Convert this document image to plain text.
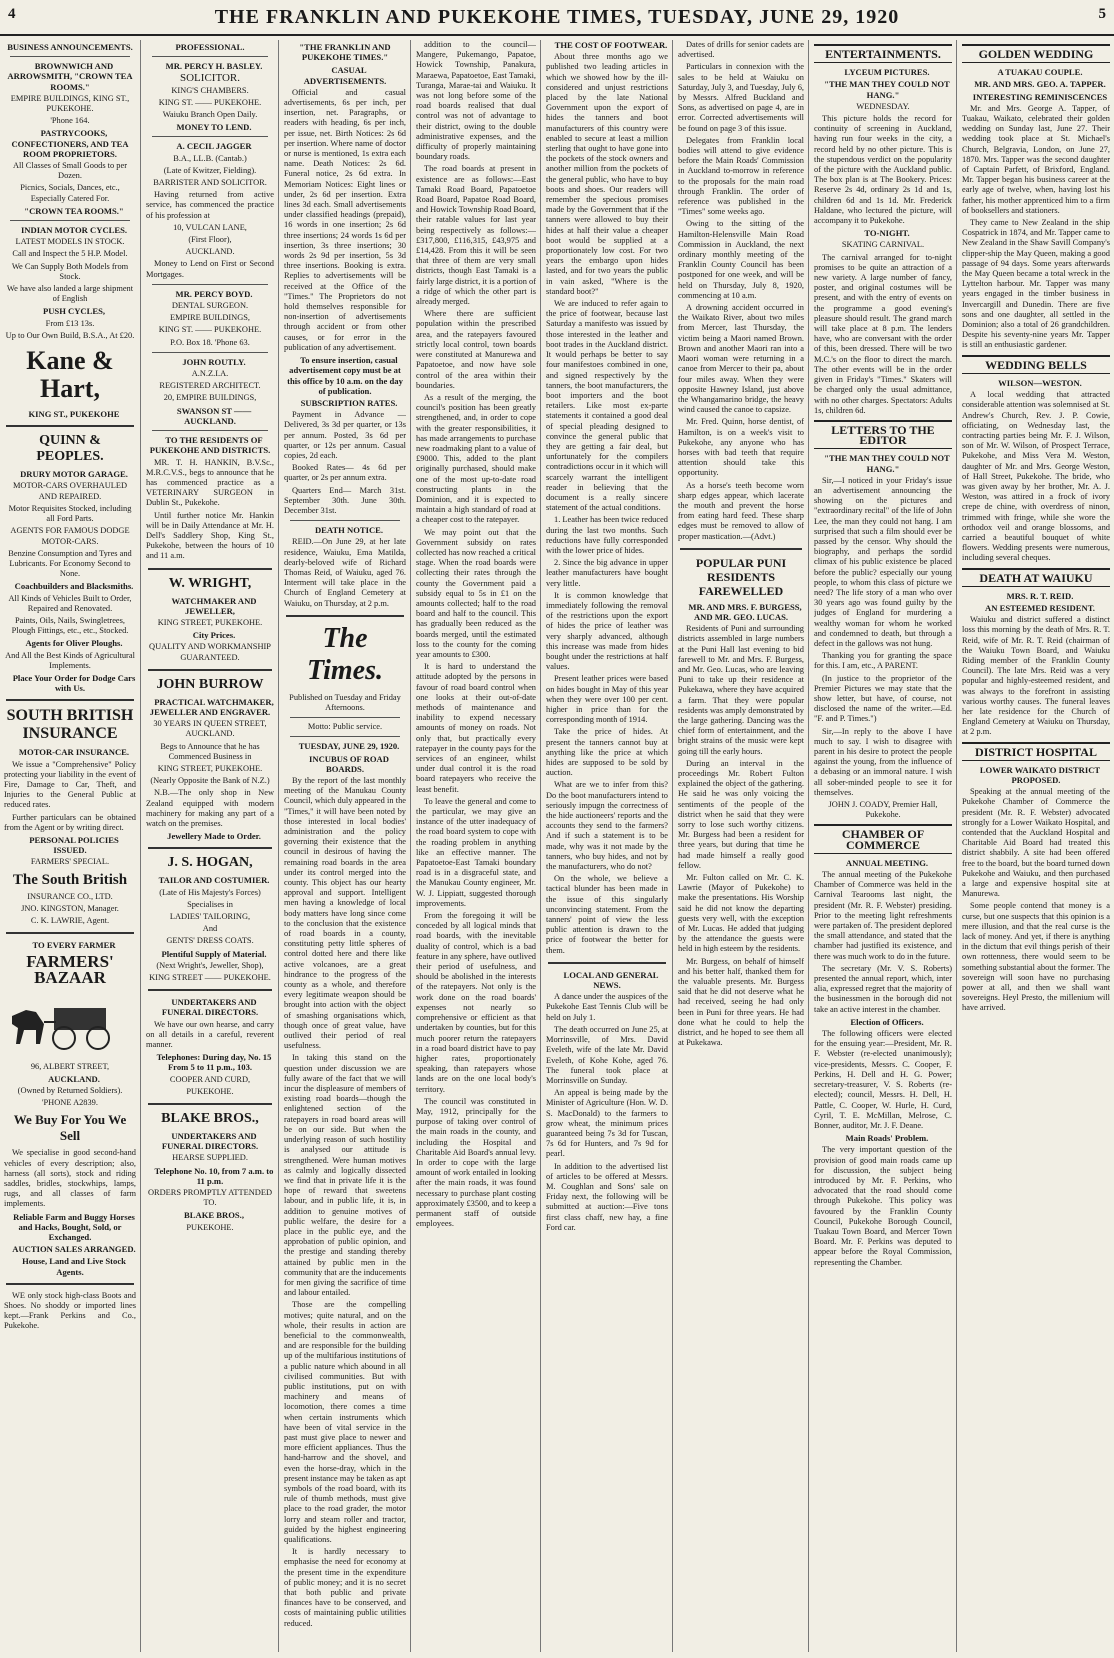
4	THE FRANKLIN AND PUKEKOHE TIMES, TUESDAY, JUNE 29, 1920	5
BUSINESS ANNOUNCEMENTS.

BROWNWICH AND ARROWSMITH, "CROWN TEA ROOMS."

EMPIRE BUILDINGS, KING ST., PUKEKOHE.

'Phone 164.

PASTRYCOOKS, CONFECTIONERS, AND TEA ROOM PROPRIETORS.

All Classes of Small Goods to per Dozen.

Picnics, Socials, Dances, etc., Especially Catered For.

"CROWN TEA ROOMS."

INDIAN MOTOR CYCLES.

LATEST MODELS IN STOCK.

Call and Inspect the 5 H.P. Model.

We Can Supply Both Models from Stock.

We have also landed a large shipment of English

PUSH CYCLES,

From £13 13s.

Up to Our Own Build, B.S.A., At £20.

Kane & Hart,

KING ST., PUKEKOHE

QUINN & PEOPLES.

DRURY MOTOR GARAGE.

MOTOR-CARS OVERHAULED AND REPAIRED.

Motor Requisites Stocked, including all Ford Parts.

AGENTS FOR FAMOUS DODGE MOTOR-CARS.

Benzine Consumption and Tyres and Lubricants. For Economy Second to None.

Coachbuilders and Blacksmiths.

All Kinds of Vehicles Built to Order, Repaired and Renovated.

Paints, Oils, Nails, Swingletrees, Plough Fittings, etc., etc., Stocked.

Agents for Oliver Ploughs.

And All the Best Kinds of Agricultural Implements.

Place Your Order for Dodge Cars with Us.

SOUTH BRITISH INSURANCE

MOTOR-CAR INSURANCE.

We issue a "Comprehensive" Policy protecting your liability in the event of Fire, Damage to Car, Theft, and Injuries to the General Public at reduced rates.

Further particulars can be obtained from the Agent or by writing direct.

PERSONAL POLICIES ISSUED.

FARMERS' SPECIAL.

The South British

INSURANCE CO., LTD.

JNO. KINGSTON, Manager.

C. K. LAWRIE, Agent.

TO EVERY FARMER

FARMERS' BAZAAR

96, ALBERT STREET,

AUCKLAND.

(Owned by Returned Soldiers).

'PHONE A2839.

We Buy For You We Sell

We specialise in good second-hand vehicles of every description; also, harness (all sorts), stock and riding saddles, bridles, stockwhips, lamps, rugs, and all classes of farm implements.

Reliable Farm and Buggy Horses and Hacks, Bought, Sold, or Exchanged.

AUCTION SALES ARRANGED.

House, Land and Live Stock Agents.

WE only stock high-class Boots and Shoes. No shoddy or imported lines kept.—Frank Perkins and Co., Pukekohe.

PROFESSIONAL.

MR. PERCY H. BASLEY.

SOLICITOR.

KING'S CHAMBERS.

KING ST. —— PUKEKOHE.

Waiuku Branch Open Daily.

MONEY TO LEND.

A. CECIL JAGGER

B.A., LL.B. (Cantab.)

(Late of Kwitzer, Fielding).

BARRISTER AND SOLICITOR.

Having returned from active service, has commenced the practice of his profession at

10, VULCAN LANE,

(First Floor),

AUCKLAND.

Money to Lend on First or Second Mortgages.

MR. PERCY BOYD.

DENTAL SURGEON.

EMPIRE BUILDINGS,

KING ST. —— PUKEKOHE.

P.O. Box 18. 'Phone 63.

JOHN ROUTLY.

A.N.Z.I.A.

REGISTERED ARCHITECT.

20, EMPIRE BUILDINGS,

SWANSON ST —— AUCKLAND.

TO THE RESIDENTS OF PUKEKOHE AND DISTRICTS.

MR. T. H. HANKIN, B.V.Sc., M.R.C.V.S., begs to announce that he has commenced practice as a VETERINARY SURGEON in Dublin St., Pukekohe.

Until further notice Mr. Hankin will be in Daily Attendance at Mr. H. Dell's Saddlery Shop, King St., Pukekohe, between the hours of 10 and 11 a.m.

W. WRIGHT,

WATCHMAKER AND JEWELLER,

KING STREET, PUKEKOHE.

City Prices.

QUALITY AND WORKMANSHIP GUARANTEED.

JOHN BURROW

PRACTICAL WATCHMAKER, JEWELLER AND ENGRAVER.

30 YEARS IN QUEEN STREET, AUCKLAND.

Begs to Announce that he has Commenced Business in

KING STREET, PUKEKOHE.

(Nearly Opposite the Bank of N.Z.)

N.B.—The only shop in New Zealand equipped with modern machinery for making any part of a watch on the premises.

Jewellery Made to Order.

J. S. HOGAN,

TAILOR AND COSTUMIER.

(Late of His Majesty's Forces)

Specialises in

LADIES' TAILORING,

And

GENTS' DRESS COATS.

Plentiful Supply of Material.

(Next Wright's, Jeweller, Shop),

KING STREET —— PUKEKOHE.

UNDERTAKERS AND FUNERAL DIRECTORS.

We have our own hearse, and carry on all details in a careful, reverent manner.

Telephones: During day, No. 15 From 5 to 11 p.m., 103.

COOPER AND CURD,

PUKEKOHE.

BLAKE BROS.,

UNDERTAKERS AND FUNERAL DIRECTORS.

HEARSE SUPPLIED.

Telephone No. 10, from 7 a.m. to 11 p.m.

ORDERS PROMPTLY ATTENDED TO.

BLAKE BROS.,

PUKEKOHE.

"THE FRANKLIN AND PUKEKOHE TIMES."

CASUAL ADVERTISEMENTS.

Official and casual advertisements, 6s per inch, per insertion, net. Paragraphs, or readers with heading, 6s per inch, per issue, net. Birth Notices: 2s 6d per insertion. Where name of doctor or nurse is mentioned, 1s extra each name. Death Notices: 2s 6d. Funeral notice, 2s 6d extra. In Memoriam Notices: Eight lines or under, 2s 6d per insertion. Extra lines 3d each. Small advertisements under classified headings (prepaid), 16 words in one insertion; 2s 6d three insertions; 24 words 1s 6d per insertion, 3s three insertions; 30 words 2s 9d per insertion, 5s 3d three insertions. Booking is extra. Replies to advertisements will be received at the Office of the "Times." The Proprietors do not hold themselves responsible for non-insertion of advertisements through accident or from other causes, or for error in the publication of any advertisement.

To ensure insertion, casual advertisement copy must be at this office by 10 a.m. on the day of publication.

SUBSCRIPTION RATES.

Payment in Advance — Delivered, 3s 3d per quarter, or 13s per annum. Posted, 3s 6d per quarter, or 12s per annum. Casual copies, 2d each.

Booked Rates— 4s 6d per quarter, or 2s per annum extra.

Quarters End— March 31st. September 30th. June 30th. December 31st.

DEATH NOTICE.

REID.—On June 29, at her late residence, Waiuku, Ema Matilda, dearly-beloved wife of Richard Thomas Reid, of Waiuku, aged 76. Interment will take place in the Church of England Cemetery at Waiuku, on Thursday, at 2 p.m.

The Times.

Published on Tuesday and Friday Afternoons.

Motto: Public service.

TUESDAY, JUNE 29, 1920.

INCUBUS OF ROAD BOARDS.

By the report of the last monthly meeting of the Manukau County Council, which duly appeared in the "Times," it will have been noted by those interested in local bodies' administration and the policy governing their existence that the council in desirous of having the remaining road boards in the area under its control merged into the county. This object has our hearty approval and support. Intelligent men having a knowledge of local body matters have long since come to the conclusion that the existence of road boards in a county, constituting petty little spheres of control dotted here and there like active volcanoes, are a great hindrance to the progress of the county as a whole, and therefore every legitimate weapon should be brought into action with the object of smashing organisations which, though once of great value, have outlived their period of real usefulness.

In taking this stand on the question under discussion we are fully aware of the fact that we will incur the displeasure of members of existing road boards—though the enlightened section of the ratepayers in road board areas will be on our side. But when the underlying reason of such hostility is analysed our attitude is strengthened. Were human motives as calmly and logically dissected we find that in private life it is the hope of reward that sweetens labour, and in public life, it is, in addition to genuine motives of public welfare, the desire for a place in the public eye, and the approbation of public opinion, and the prestige and standing thereby attained by public men in the community that are the inducements for men giving the sacrifice of time and labour entailed.

Those are the compelling motives; quite natural, and on the whole, their results in action are beneficial to the commonwealth, and are responsible for the building up of the multifarious institutions of a public nature which abound in all civilised communities. But with public institutions, put on with machinery and means of locomotion, there comes a time when certain instruments which have been of vital service in the past must give place to newer and more efficient appliances. Thus the hand-harrow and the shovel, and even the horse-dray, which in the present instance may be taken as apt symbols of the road board, with its rule of thumb methods, must give place to the road grader, the motor lorry and steam roller and tractor, guided by the highest engineering qualifications.

It is hardly necessary to emphasise the need for economy at the present time in the expenditure of public money; and it is no secret that both public and private finances have to be conserved, and costs of maintaining public utilities reduced.

addition to the council—Mangere, Pukemango, Papatoe, Howick Township, Panakura, Maraewa, Papatoetoe, East Tamaki, Turanga, Marae-tai and Waiuku. It was not long before some of the road boards realised that dual control was not of advantage to their district, owing to the double administrative expenses, and the difficulty of properly maintaining boundary roads.

The road boards at present in existence are as follows:—East Tamaki Road Board, Papatoetoe Road Board, Papatoe Road Board, and Howick Township Road Board, their ratable values for last year being respectively as follows:—£317,800, £116,315, £43,975 and £14,428. From this it will be seen that three of them are very small districts, though East Tamaki is a fairly large district, it is a portion of a ridge of which the other part is already merged.

Where there are sufficient population within the prescribed area, and the ratepayers favoured strictly local control, town boards were constituted at Manurewa and Papatoetoe, and now have sole control of the area within their boundaries.

As a result of the merging, the council's position has been greatly strengthened, and, in order to cope with the greater responsibilities, it has made arrangements to purchase new roadmaking plant to a value of £9000. This, added to the plant originally purchased, should make one of the most up-to-date road constructing plants in the Dominion, and it is expected to maintain a high standard of road at a cheaper cost to the ratepayer.

We may point out that the Government subsidy on rates collected has now reached a critical stage. When the road boards were collecting their rates through the county the Government paid a subsidy equal to 5s in £1 on the amounts collected; half to the road board and half to the council. This has gradually been reduced as the boards merged, until the estimated loss to the county for the coming year amounts to £300.

It is hard to understand the attitude adopted by the persons in favour of road board control when one looks at their out-of-date methods of maintenance and inability to expend necessary amounts of money on roads. Not only that, but practically every ratepayer in the county pays for the services of an engineer, whilst under dual control it is the road board ratepayers who receive the least benefit.

To leave the general and come to the particular, we may give an instance of the utter inadequacy of the road board system to cope with the roading problem in anything like an effective manner. The Papatoetoe-East Tamaki boundary road is in a disgraceful state, and the Manukau County engineer, Mr. W. J. Lippiatt, suggested thorough improvements.

From the foregoing it will be conceded by all logical minds that road boards, with the inevitable duality of control, which is a bad feature in any sphere, have outlived their period of usefulness, and should be abolished in the interests of the ratepayers. Not only is the work done on the road boards' expenses not nearly so comprehensive or efficient as that undertaken by counties, but for this much poorer return the ratepayers in a road board district have to pay higher rates, proportionately speaking, than ratepayers whose lands are on the one local body's territory.

The council was constituted in May, 1912, principally for the purpose of taking over control of the main roads in the county, and including the Hospital and Charitable Aid Board's annual levy. In order to cope with the large amount of work entailed in looking after the main roads, it was found necessary to purchase plant costing approximately £3500, and to keep a permanent staff of outside employees.

THE COST OF FOOTWEAR.

About three months ago we published two leading articles in which we showed how by the ill-considered and unjust restrictions placed by the late National Government upon the export of hides the tanners and boot manufacturers of this country were enabled to secure at least a million sterling that ought to have gone into the pockets of the stock owners and another million from the pockets of the general public, who have to buy boots and shoes. Our readers will remember the specious promises made by the Government that if the tanners were allowed to buy their hides at half their value a cheaper boot would be supplied at a proportionately low cost. For two years the embargo upon hides lasted, and for two years the public in vain asked, "Where is the standard boot?"

We are induced to refer again to the price of footwear, because last Saturday a manifesto was issued by those interested in the leather and boot trades in the Auckland district. It would perhaps be better to say four manifestoes combined in one, and signed respectively by the tanners, the boot manufacturers, the boot importers and the boot retailers. Like most ex-parte statements it contained a good deal of special pleading designed to convince the general public that they are getting a fair deal, but unfortunately for the compilers contradictions occur in it which will scarcely warrant the intelligent reader in believing that the document is a really sincere statement of the actual conditions.

1. Leather has been twice reduced during the last two months. Such reductions have fully corresponded with the lower price of hides.

2. Since the big advance in upper leather manufacturers have bought very little.

It is common knowledge that immediately following the removal of the restrictions upon the export of hides the price of leather was very sharply advanced, although this increase was made from hides bought under the restrictions at half values.

Present leather prices were based on hides bought in May of this year when they were over 100 per cent. higher in price than for the corresponding month of 1914.

Take the price of hides. At present the tanners cannot buy at anything like the price at which hides are supposed to be sold by auction.

What are we to infer from this? Do the boot manufacturers intend to seriously impugn the correctness of the hide auctioneers' reports and the accounts they send to the farmers? And if such a statement is to be made, why was it not made by the tanners, who buy hides, and not by the manufacturers, who do not?

On the whole, we believe a tactical blunder has been made in the issue of this singularly unconvincing statement. From the tanners' point of view the less public attention is drawn to the price of footwear the better for them.

LOCAL AND GENERAL NEWS.

A dance under the auspices of the Pukekohe East Tennis Club will be held on July 1.

The death occurred on June 25, at Morrinsville, of Mrs. David Eveleth, wife of the late Mr. David Eveleth, of Kohe Kohe, aged 76. The funeral took place at Morrinsville on Sunday.

An appeal is being made by the Minister of Agriculture (Hon. W. D. S. MacDonald) to the farmers to grow wheat, the minimum prices guaranteed being 7s 3d for Tuscan, 7s 6d for Hunters, and 7s 9d for pearl.

In addition to the advertised list of articles to be offered at Messrs. M. Coughlan and Sons' sale on Friday next, the following will be submitted at auction:—Five tons first class chaff, new hay, a fine Ford car.

Dates of drills for senior cadets are advertised.

Particulars in connexion with the sales to be held at Waiuku on Saturday, July 3, and Tuesday, July 6, by Messrs. Alfred Buckland and Sons, as advertised on page 4, are in error. Corrected advertisements will be found on page 3 of this issue.

Delegates from Franklin local bodies will attend to give evidence before the Main Roads' Commission in Auckland to-morrow in reference to the proposals for the main road through Franklin. The order of reference was published in the "Times" some weeks ago.

Owing to the sitting of the Hamilton-Helensville Main Road Commission in Auckland, the next ordinary monthly meeting of the Franklin County Council has been postponed for one week, and will be held on Thursday, July 8, 1920, commencing at 10 a.m.

A drowning accident occurred in the Waikato River, about two miles from Mercer, last Thursday, the victim being a Maori named Brown. Brown and another Maori ran into a Maori woman were returning in a canoe from Mercer to their pa, about four miles away. When they were opposite Hawney Island, just above the Whangamarino bridge, the heavy wind caused the canoe to capsize.

Mr. Fred. Quinn, horse dentist, of Hamilton, is on a week's visit to Pukekohe, any anyone who has horses with bad teeth that require attention should take this opportunity.

As a horse's teeth become worn sharp edges appear, which lacerate the mouth and prevent the horse from eating hard feed. These sharp edges must be removed to allow of proper mastication.—(Advt.)

POPULAR PUNI RESIDENTS FAREWELLED

MR. AND MRS. F. BURGESS, AND MR. GEO. LUCAS.

Residents of Puni and surrounding districts assembled in large numbers at the Puni Hall last evening to bid farewell to Mr. and Mrs. F. Burgess, and Mr. Geo. Lucas, who are leaving Puni to take up their residence at Pukekawa, where they have acquired a farm. That they were popular residents was amply demonstrated by the large gathering. Dancing was the chief form of entertainment, and the bright strains of the music were kept going till the early hours.

During an interval in the proceedings Mr. Robert Fulton explained the object of the gathering. He said he was only voicing the sentiments of the people of the district when he said that they were sorry to lose such worthy citizens. Mr. Burgess had been a resident for three years, but during that time he had made himself a really good fellow.

Mr. Fulton called on Mr. C. K. Lawrie (Mayor of Pukekohe) to make the presentations. His Worship said he did not know the departing guests very well, with the exception of Mr. Lucas. He added that judging by the attendance the guests were held in high esteem by the residents.

Mr. Burgess, on behalf of himself and his better half, thanked them for the valuable presents. Mr. Burgess said that he did not deserve what he had received, seeing he had only been in Puni for three years. He had done what he could to help the district, and he hoped to see them all at Pukekawa.

ENTERTAINMENTS.

LYCEUM PICTURES.

"THE MAN THEY COULD NOT HANG."

WEDNESDAY.

This picture holds the record for continuity of screening in Auckland, having run four weeks in the city, a record held by no other picture. This is the stupendous verdict on the popularity of the picture with the Auckland public. The box plan is at The Bookery. Prices: Reserve 2s 4d, ordinary 2s 1d and 1s, children 6d and 1s 1d. Mr. Frederick Haldane, who lectured the picture, will accompany it to Pukekohe.

TO-NIGHT.

SKATING CARNIVAL.

The carnival arranged for to-night promises to be quite an attraction of a new variety. A large number of fancy, poster, and original costumes will be present, and with the entry of events on the programme a good evening's pleasure should result. The grand march will take place at 8 p.m. The lenders have, who are conversant with the order of this, been dressed. There will be two M.C.'s on the floor to direct the march. The other events will be in the order given in Friday's "Times." Skaters will be charged only the usual admittance, with no other charges. Spectators: Adults 1s, children 6d.

LETTERS TO THE EDITOR

"THE MAN THEY COULD NOT HANG."

Sir,—I noticed in your Friday's issue an advertisement announcing the showing on the pictures and "extraordinary recital" of the life of John Lee, the man they could not hang. I am surprised that such a film should ever be passed by the censor. Why should the biography, and perhaps the sordid climax of his public existence be placed before the public? especially our young people, to whom this class of picture we need? The life story of a man who over 30 years ago was found guilty by the judges of England for murdering a wealthy woman for whom he worked and condemned to death, but through a defect in the gallows was not hung.

Thanking you for granting the space for this. I am, etc., A PARENT.

(In justice to the proprietor of the Premier Pictures we may state that the show letter, but have, of course, not disclosed the name of the writer.—Ed. "F. and P. Times.")

Sir,—In reply to the above I have much to say. I wish to disagree with parent in his desire to protect the people against the young, from the influence of a debasing or an immoral nature. I wish all sober-minded people to see it for themselves.

JOHN J. COADY, Premier Hall, Pukekohe.

CHAMBER OF COMMERCE

ANNUAL MEETING.

The annual meeting of the Pukekohe Chamber of Commerce was held in the Carnival Tearooms last night, the president (Mr. R. F. Webster) presiding. Prior to the meeting light refreshments were partaken of. The president deplored the small attendance, and stated that the chamber had justified its existence, and there was much work to do in the future.

The secretary (Mr. V. S. Roberts) presented the annual report, which, inter alia, expressed regret that the majority of the businessmen in the borough did not take an active interest in the chamber.

Election of Officers.

The following officers were elected for the ensuing year:—President, Mr. R. F. Webster (re-elected unanimously); vice-presidents, Messrs. C. Cooper, F. Perkins, H. Dell and H. G. Power; secretary-treasurer, V. S. Roberts (re-elected); council, Messrs. H. Dell, H. Pattle, C. Cooper, W. Hurle, H. Curd, Cyril, T. E. McMillan, Melrose, C. Bonner, auditor, Mr. J. F. Deane.

Main Roads' Problem.

The very important question of the provision of good main roads came up for discussion, the subject being introduced by Mr. F. Perkins, who advocated that the road should come through Pukekohe. This policy was favoured by the Franklin County Council, Pukekohe Borough Council, Tuakau Town Board, and Mercer Town Board. Mr. F. Perkins was deputed to appear before the Royal Commission, representing the Chamber.

GOLDEN WEDDING

A TUAKAU COUPLE.

MR. AND MRS. GEO. A. TAPPER.

INTERESTING REMINISCENCES

Mr. and Mrs. George A. Tapper, of Tuakau, Waikato, celebrated their golden wedding on Sunday last, June 27. Their wedding took place at St. Michael's Church, Belgravia, London, on June 27, 1870. Mrs. Tapper was the second daughter of Captain Parfett, of Brixford, England. Mr. Tapper began his business career at the early age of twelve, when, having lost his father, his mother apprenticed him to a firm of booksellers and stationers.

They came to New Zealand in the ship Cospatrick in 1874, and Mr. Tapper came to New Zealand in the Shaw Savill Company's clipper-ship the May Queen, making a good passage of 94 days. Some years afterwards the May Queen became a total wreck in the Lyttelton harbour. Mr. Tapper was many years engaged in the timber business in Invercargill and Dunedin. There are five sons and one daughter, all settled in the Dominion; also a total of 26 grandchildren. Despite his seventy-nine years Mr. Tapper is still an enthusiastic gardener.

WEDDING BELLS

WILSON—WESTON.

A local wedding that attracted considerable attention was solemnised at St. Andrew's Church, Rev. J. P. Cowie, officiating, on Wednesday last, the contracting parties being Mr. F. J. Wilson, son of Mr. W. Wilson, of Prospect Terrace, Pukekohe, and Miss Vera M. Weston, daughter of Mr. and Mrs. George Weston, of Hall Street, Pukekohe. The bride, who was given away by her brother, Mr. A. J. Weston, was attired in a frock of ivory crepe de chine, with overdress of ninon, trimmed with fringe, while she wore the orthodox veil and orange blossoms, and carried a beautiful bouquet of white flowers. Wedding presents were numerous, including several cheques.

DEATH AT WAIUKU

MRS. R. T. REID.

AN ESTEEMED RESIDENT.

Waiuku and district suffered a distinct loss this morning by the death of Mrs. R. T. Reid, wife of Mr. R. T. Reid (chairman of the Waiuku Town Board, and Waiuku Riding member of the Franklin County Council). The late Mrs. Reid was a very popular and highly-esteemed resident, and was always to the forefront in assisting various worthy causes. The funeral leaves her late residence for the Church of England Cemetery at Waiuku on Thursday, at 2 p.m.

DISTRICT HOSPITAL

LOWER WAIKATO DISTRICT PROPOSED.

Speaking at the annual meeting of the Pukekohe Chamber of Commerce the president (Mr. R. F. Webster) advocated strongly for a Lower Waikato Hospital, and contended that the Auckland Hospital and Charitable Aid Board had treated this district shabbily. A site had been offered free to the board, but the board turned down Pukekohe and Waiuku, and then purchased a large and expensive hospital site at Manurewa.

Some people contend that money is a curse, but one suspects that this opinion is a mere illusion, and that the real curse is the lack of money. And yet, if there is anything in the dictum that evil things perish of their own rottenness, there would seem to be something substantial about the former. The sovereign will soon have no purchasing power at all, and then we shall want sovereigns. Heyl Presto, the millenium will have arrived.
